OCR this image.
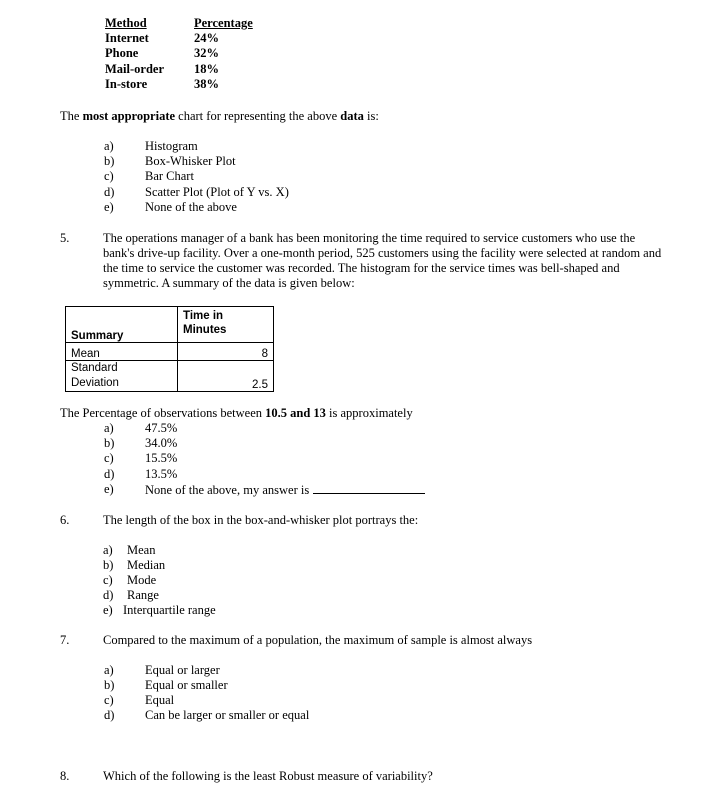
Method	Percentage
Internet	24%
Phone	32%
Mail-order 18%
In-store	38%
The most appropriate chart for representing the above data is:
a)	Histogram
b) Box-Whisker Plot
c)	Bar Chart
d) Scatter Plot (Plot of Y vs. X)
e)	None of the above
5.	The operations manager of a bank has been monitoring the time required to service customers who use the bank's drive-up facility. Over a one-month period, 525 customers using the facility were selected at random and the time to service the customer was recorded. The histogram for the service times was bell-shaped and symmetric. A summary of the data is given below:
Summary	Time in
Minutes

Mean	8

Standard
Deviation	2.5
The Percentage of observations between 10.5 and 13 is approximately
a)	47.5%
b) 34.0%
c)	15.5%
d) 13.5%
e)	None of the above, my answer is
6.	The length of the box in the box-and-whisker plot portrays the:
a) Mean
b) Median
c) Mode
d) Range
e) Interquartile range
7.	Compared to the maximum of a population, the maximum of sample is almost always
a)	Equal or larger
b) Equal or smaller
c)	Equal
d) Can be larger or smaller or equal
8.	Which of the following is the least Robust measure of variability?
